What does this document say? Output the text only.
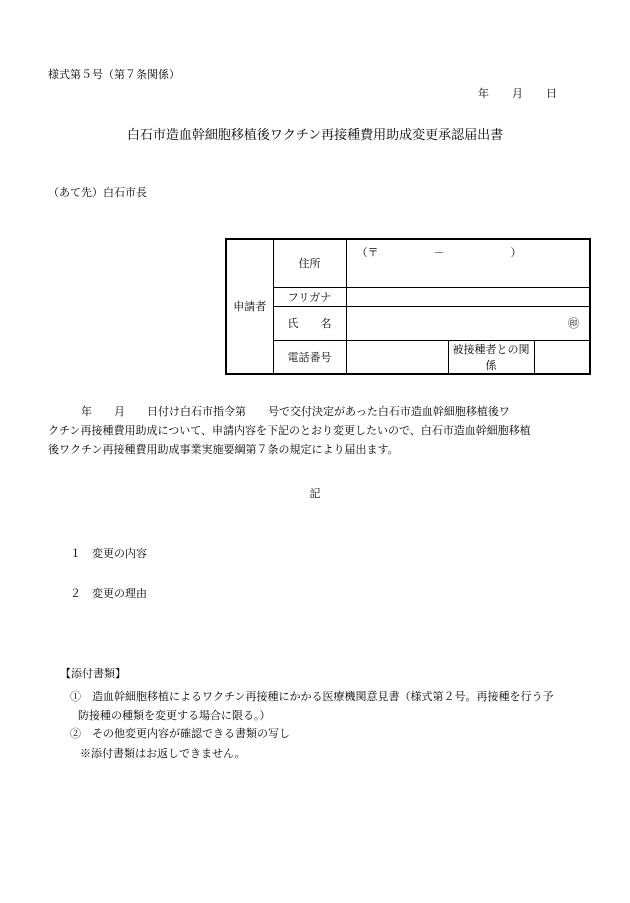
様式第５号（第７条関係）
年 月 日
白石市造血幹細胞移植後ワクチン再接種費用助成変更承認届出書
（あて先）白石市長
申請者	住所	（〒　　　　　－　　　　　　）		

	フリガナ			
	氏　　名	㊞		

	電話番号		被接種者との関係	
　　　年　　月　　日付け白石市指令第　　号で交付決定があった白石市造血幹細胞移植後ワ
クチン再接種費用助成について、申請内容を下記のとおり変更したいので、白石市造血幹細胞移植
後ワクチン再接種費用助成事業実施要綱第７条の規定により届出ます。
記
１　変更の内容
２　変更の理由
【添付書類】
①　造血幹細胞移植によるワクチン再接種にかかる医療機関意見書（様式第２号。再接種を行う予
防接種の種類を変更する場合に限る。）
②　その他変更内容が確認できる書類の写し
※添付書類はお返しできません。
